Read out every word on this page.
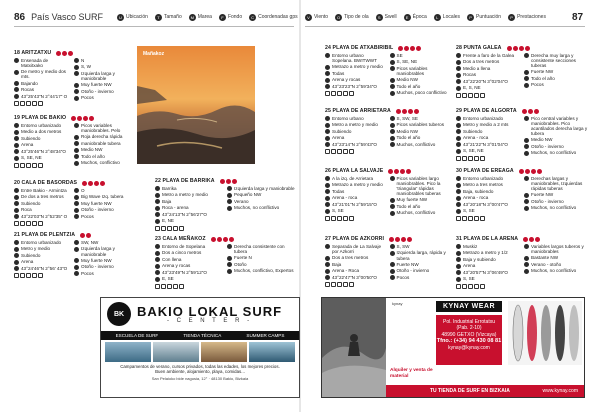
86 País Vasco SURF	U Ubicación	T Tamaño	M Marea	F Fondo	C Coordenadas gps	V Viento	O Tipo de ola	S Swell	E Época	L Locales	P Puntuación	P Prestaciones	87
Mañakoz
18 ARITZATXU
Ensenada de Matxitxako
De metro y medio dos mts.
Bajando
Rocas
43°25'43"N 2°44'17" O
N
S, W
Izquierda larga y maniobrable
Muy fuerte NW
Otoño - invierno
Pocos
19 PLAYA DE BAKIO
Entorno urbanizado
Medio a dos metros
Subiendo
Arena
43°25'46"N 2°48'34"O
S, SE, NE
Picos variables maniobrables. Pelo
Roja derecha rápida
maniobrable tubera
Medio NW
Todo el año
Muchos, conflictivo
20 CALA DE BASORDAS
Entre Bakio - Armintza
De dos a tres metros
Subiendo
Roca
43°22'03"N 2°52'35" O
O
Big Wave Izq. tubera
Muy fuerte NW
Otoño - invierno
Pocos
21 PLAYA DE PLENTZIA
Entorno urbanizado
Metro y medio
Subiendo
Arena
43°24'46"N 2°56' 43"O
SW, NW
Izquierda larga y maniobrable
Muy fuerte NW
Otoño - invierno
Pocos
22 PLAYA DE BARRIKA
Barrika
Metro a metro y medio
Baja
Roca - arena
43°24'13"N 2°56'27"O
E, NE
Izquierda larga y maniobrable
Pequeño NW
Verano
Muchos, no conflictivo
23 CALA MEÑAKOZ
Entorno de Sopelana
Dos a cinco metros
Con llena
Arena y rocas
43°23'49"N 2°59'12"O
E, SE
Derecha consistente con tubera
Fuerte N
Otoño
Muchos, conflictivo, Expertos
24 PLAYA DE ATXABIRIBIL
Entorno urbano Sopelana. BWITWWT
Metrazo a metro y medio
Todas
Arena y rocas
43°23'23"N 2°59'34"O
SE
S, SE, NE
Picos variables maniobrables
Medio NW
Todo el año
Muchos, poco conflictivo
25 PLAYA DE ARRIETARA
Entorno urbano
Metro a metro y medio
Subiendo
Arena
43°23'14"N 2°59'43"O
S, SW, SE
Picos variables tuberos
Medio NW
Todo el año
Muchos, conflictivo
26 PLAYA LA SALVAJE
A la izq. de Arrietara
Metrazo a metro y medio
Todas
Arena - roca
43°21'01"N 2°59'15"O
S, SE
Picos variables largo maniobrables. Pico la 'triangular' rápidas maniobrables tuberas
Muy fuerte NW
Todo el año
Muchos, conflictivo
27 PLAYA DE AZKORRI
Separada de La Salvaje por Azkorri
Dos a tres metros
Baja
Arena - Roca
43°22'47"N 3°00'50"O
S, SW
Izquierda larga, rápida y tubera
Fuerte NW
Otoño - invierno
Pocos
28 PUNTA GALEA
Frente a faro de la Galea
Dos a tres metros
Medio a llena
Rocas
43°22'20"N 3°02'04"O
E, S, NE
Derecha muy larga y consistente secciones tuberas
Fuerte NW
Todo el año
Pocos
29 PLAYA DE ALGORTA
Entorno urbanizado
Metro y medio a 2 mts
Subiendo
Arena - roca
43°21'22"N 3°01'04"O
S, SE, NE
Pico central variables y maniobrables. Pico acantilados derecha larga y tubera
Medio NW
Otoño - invierno
Muchos, no conflictivo
30 PLAYA DE EREAGA
Entorno urbanizado
Metro a tres metros
Baja, subiendo
Arena - roca
43°20'18"N 3°00'47"O
S, SE
Derechas largas y maniobrables, Izquierdas rápidas tuberas
Fuerte NW
Otoño - invierno
Muchos, no conflictivo
31 PLAYA DE LA ARENA
Muskiz
Metrazo a metro y 1/2
Baja y subiendo
Arena
43°20'57"N 3°06'49"O
S, SE
Variables largos tuberos y maniobrables
Bastante NW
Verano - otoño
Muchos, no conflictivo
BK BAKIO LOKAL SURF
- C E N T E R -
ESCUELA DE SURF	TIENDA TÉCNICA	SUMMER CAMPS
Campamentos de verano, cursos privados, todas las edades, los mejores precios.
Buen ambiente, alojamiento, playa, comidas...
San Pelaioko bide nagusia, 12° · 48130 Bakio, Bizkaia
kynay	KYNAY WEAR
Pol. Industrial Errotatxu
(Pab. 2-10)
48990 GETXO (Vizcaya)
Tfno.: (+34) 94 430 08 81
kynay@kynay.com
Alquiler y venta de material
TU TIENDA DE SURF EN BIZKAIA	www.kynay.com
